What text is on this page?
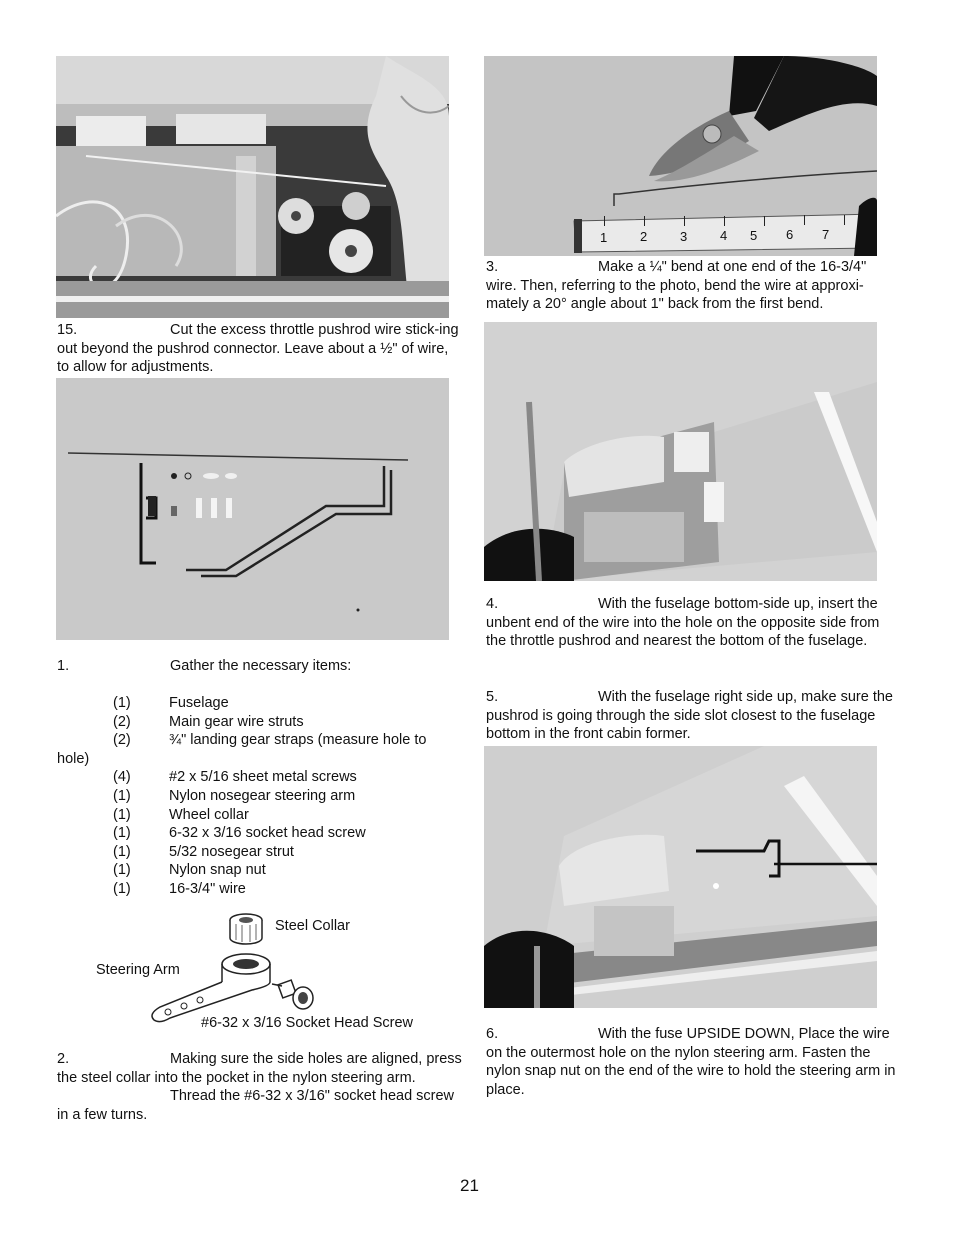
15.	Cut the excess throttle pushrod wire stick-ing out beyond the pushrod connector. Leave about a ½" of wire, to allow for adjustments.

1.	Gather the necessary items:

(1)	Fuselage
(2)	Main gear wire struts
(2)	¾" landing gear straps (measure hole to
hole)
(4)	#2 x 5/16 sheet metal screws
(1)	Nylon nosegear steering arm
(1)	Wheel collar
(1)	6-32 x 3/16 socket head screw
(1)	5/32 nosegear strut
(1)	Nylon snap nut
(1)	16-3/4" wire
Steel Collar
Steering Arm
#6-32 x 3/16 Socket Head Screw

2.	Making sure the side holes are aligned, press the steel collar into the pocket in the nylon steering arm.
Thread the #6-32 x 3/16" socket head screw in a few turns.

1	2	3	4 5 6 7

3.	Make a ¼" bend at one end of the 16-3/4" wire. Then, referring to the photo, bend the wire at approxi-mately a 20° angle about 1" back from the first bend.

4.	With the fuselage bottom-side up, insert the unbent end of the wire into the hole on the opposite side from the throttle pushrod and nearest the bottom of the fuselage.

5.	With the fuselage right side up, make sure the pushrod is going through the side slot closest to the fuselage bottom in the front cabin former.

6.	With the fuse UPSIDE DOWN, Place the wire on the outermost hole on the nylon steering arm. Fasten the nylon snap nut on the end of the wire to hold the steering arm in place.

21
